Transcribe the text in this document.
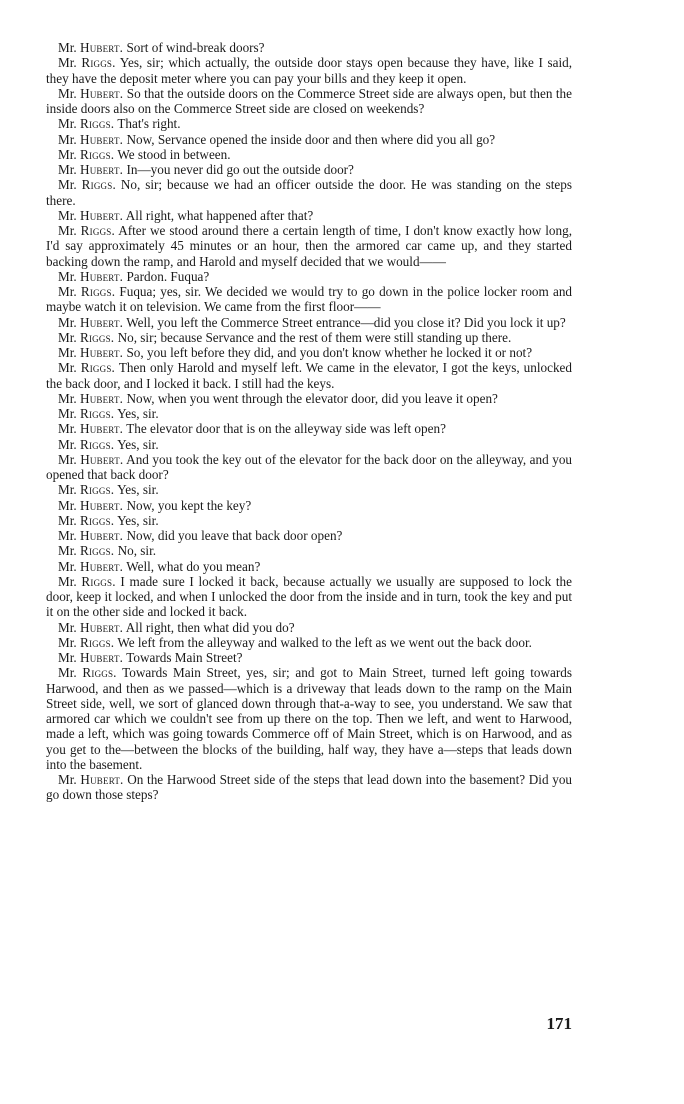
Mr. Hubert. Sort of wind-break doors?

Mr. Riggs. Yes, sir; which actually, the outside door stays open because they have, like I said, they have the deposit meter where you can pay your bills and they keep it open.

Mr. Hubert. So that the outside doors on the Commerce Street side are always open, but then the inside doors also on the Commerce Street side are closed on weekends?

Mr. Riggs. That's right.

Mr. Hubert. Now, Servance opened the inside door and then where did you all go?

Mr. Riggs. We stood in between.

Mr. Hubert. In—you never did go out the outside door?

Mr. Riggs. No, sir; because we had an officer outside the door. He was standing on the steps there.

Mr. Hubert. All right, what happened after that?

Mr. Riggs. After we stood around there a certain length of time, I don't know exactly how long, I'd say approximately 45 minutes or an hour, then the armored car came up, and they started backing down the ramp, and Harold and myself decided that we would——

Mr. Hubert. Pardon. Fuqua?

Mr. Riggs. Fuqua; yes, sir. We decided we would try to go down in the police locker room and maybe watch it on television. We came from the first floor——

Mr. Hubert. Well, you left the Commerce Street entrance—did you close it? Did you lock it up?

Mr. Riggs. No, sir; because Servance and the rest of them were still standing up there.

Mr. Hubert. So, you left before they did, and you don't know whether he locked it or not?

Mr. Riggs. Then only Harold and myself left. We came in the elevator, I got the keys, unlocked the back door, and I locked it back. I still had the keys.

Mr. Hubert. Now, when you went through the elevator door, did you leave it open?

Mr. Riggs. Yes, sir.

Mr. Hubert. The elevator door that is on the alleyway side was left open?

Mr. Riggs. Yes, sir.

Mr. Hubert. And you took the key out of the elevator for the back door on the alleyway, and you opened that back door?

Mr. Riggs. Yes, sir.

Mr. Hubert. Now, you kept the key?

Mr. Riggs. Yes, sir.

Mr. Hubert. Now, did you leave that back door open?

Mr. Riggs. No, sir.

Mr. Hubert. Well, what do you mean?

Mr. Riggs. I made sure I locked it back, because actually we usually are supposed to lock the door, keep it locked, and when I unlocked the door from the inside and in turn, took the key and put it on the other side and locked it back.

Mr. Hubert. All right, then what did you do?

Mr. Riggs. We left from the alleyway and walked to the left as we went out the back door.

Mr. Hubert. Towards Main Street?

Mr. Riggs. Towards Main Street, yes, sir; and got to Main Street, turned left going towards Harwood, and then as we passed—which is a driveway that leads down to the ramp on the Main Street side, well, we sort of glanced down through that-a-way to see, you understand. We saw that armored car which we couldn't see from up there on the top. Then we left, and went to Harwood, made a left, which was going towards Commerce off of Main Street, which is on Harwood, and as you get to the—between the blocks of the building, half way, they have a—steps that leads down into the basement.

Mr. Hubert. On the Harwood Street side of the steps that lead down into the basement? Did you go down those steps?

171
